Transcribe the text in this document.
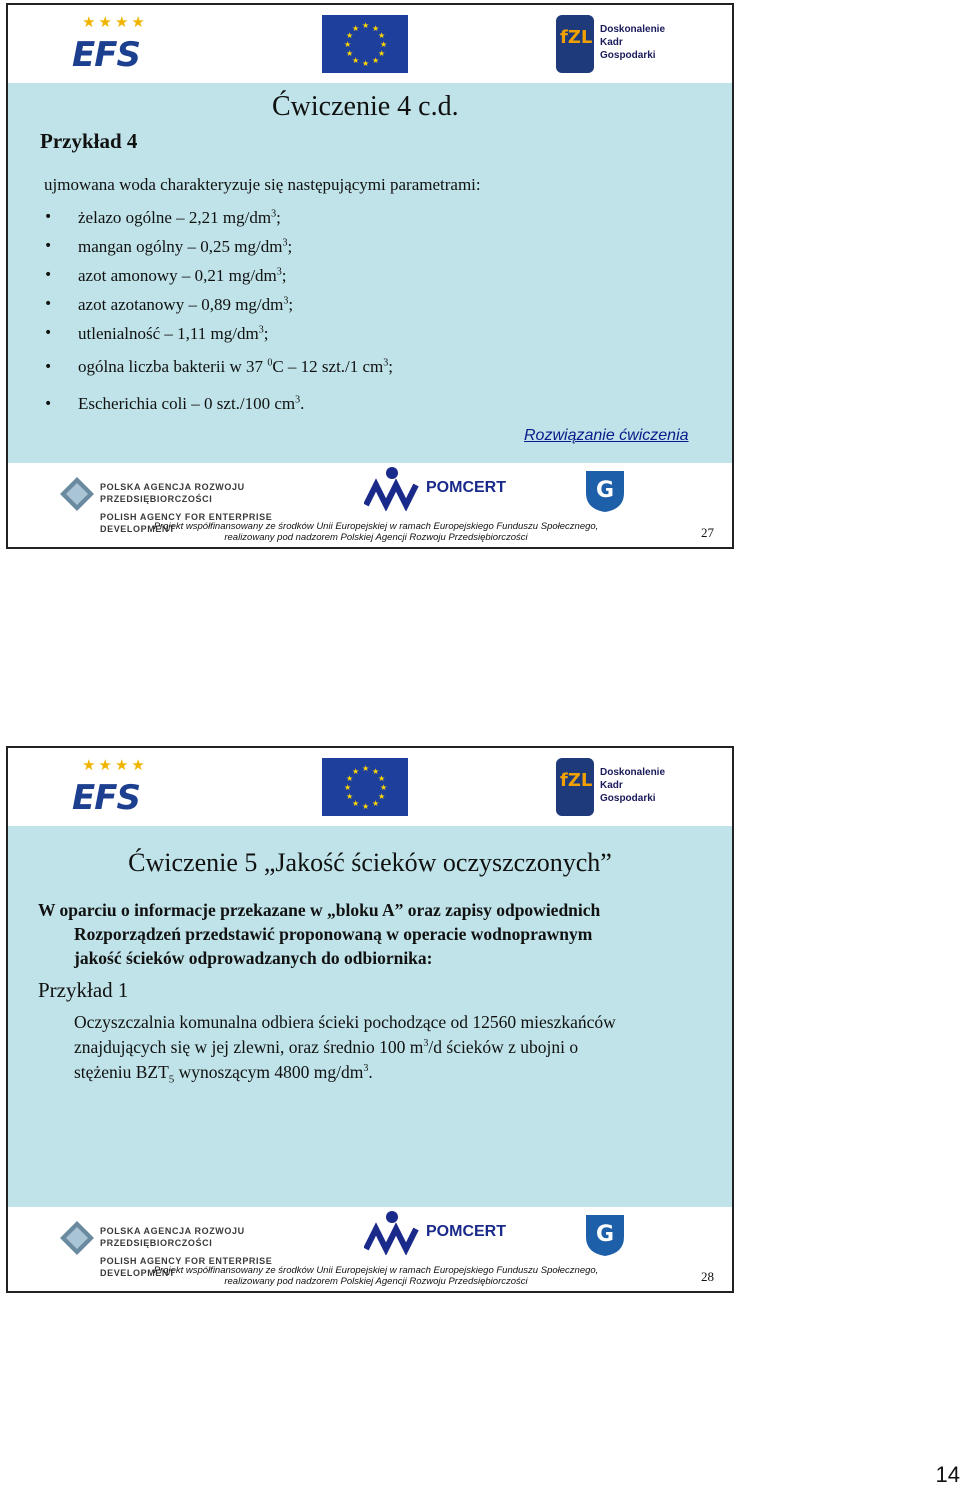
★★★★
EFS
★ ★
★
★
★
★
★
★
★
★
★
★	fZL Doskonalenie
Kadr
Gospodarki
Ćwiczenie 4 c.d.
Przykład 4
ujmowana woda charakteryzuje się następującymi parametrami:
• żelazo ogólne – 2,21 $mg/dm^3$;
• mangan ogólny – 0,25 $mg/dm^3$;
• azot amonowy – 0,21 $mg/dm^3$;
• azot azotanowy – 0,89 $mg/dm^3$;
• utlenialność – 1,11 $mg/dm^3$;
• ogólna liczba bakterii w 37 $^0$C – 12 szt./1 $cm^3$;
• Escherichia coli – 0 szt./100 $cm^3$.
Rozwiązanie ćwiczenia
POLSKA AGENCJA ROZWOJU PRZEDSIĘBIORCZOŚCI
POLISH AGENCY FOR ENTERPRISE DEVELOPMENT
POMCERT	G
Projekt współfinansowany ze środków Unii Europejskiej w ramach Europejskiego Funduszu Społecznego,
realizowany pod nadzorem Polskiej Agencji Rozwoju Przedsiębiorczości	27
★★★★
EFS
★ ★
★
★
★
★
★
★
★
★
★
★	fZL Doskonalenie
Kadr
Gospodarki
Ćwiczenie 5 „Jakość ścieków oczyszczonych”
W oparciu o informacje przekazane w „bloku A” oraz zapisy odpowiednich
Rozporządzeń przedstawić proponowaną w operacie wodnoprawnym
jakość ścieków odprowadzanych do odbiornika:
Przykład 1
Oczyszczalnia komunalna odbiera ścieki pochodzące od 12560 mieszkańców
znajdujących się w jej zlewni, oraz średnio 100 $m^3/d$ ścieków z ubojni o
stężeniu $BZT_5$ wynoszącym 4800 $mg/dm^3$.
POLSKA AGENCJA ROZWOJU PRZEDSIĘBIORCZOŚCI
POLISH AGENCY FOR ENTERPRISE DEVELOPMENT
POMCERT	G
Projekt współfinansowany ze środków Unii Europejskiej w ramach Europejskiego Funduszu Społecznego,
realizowany pod nadzorem Polskiej Agencji Rozwoju Przedsiębiorczości	28
14
